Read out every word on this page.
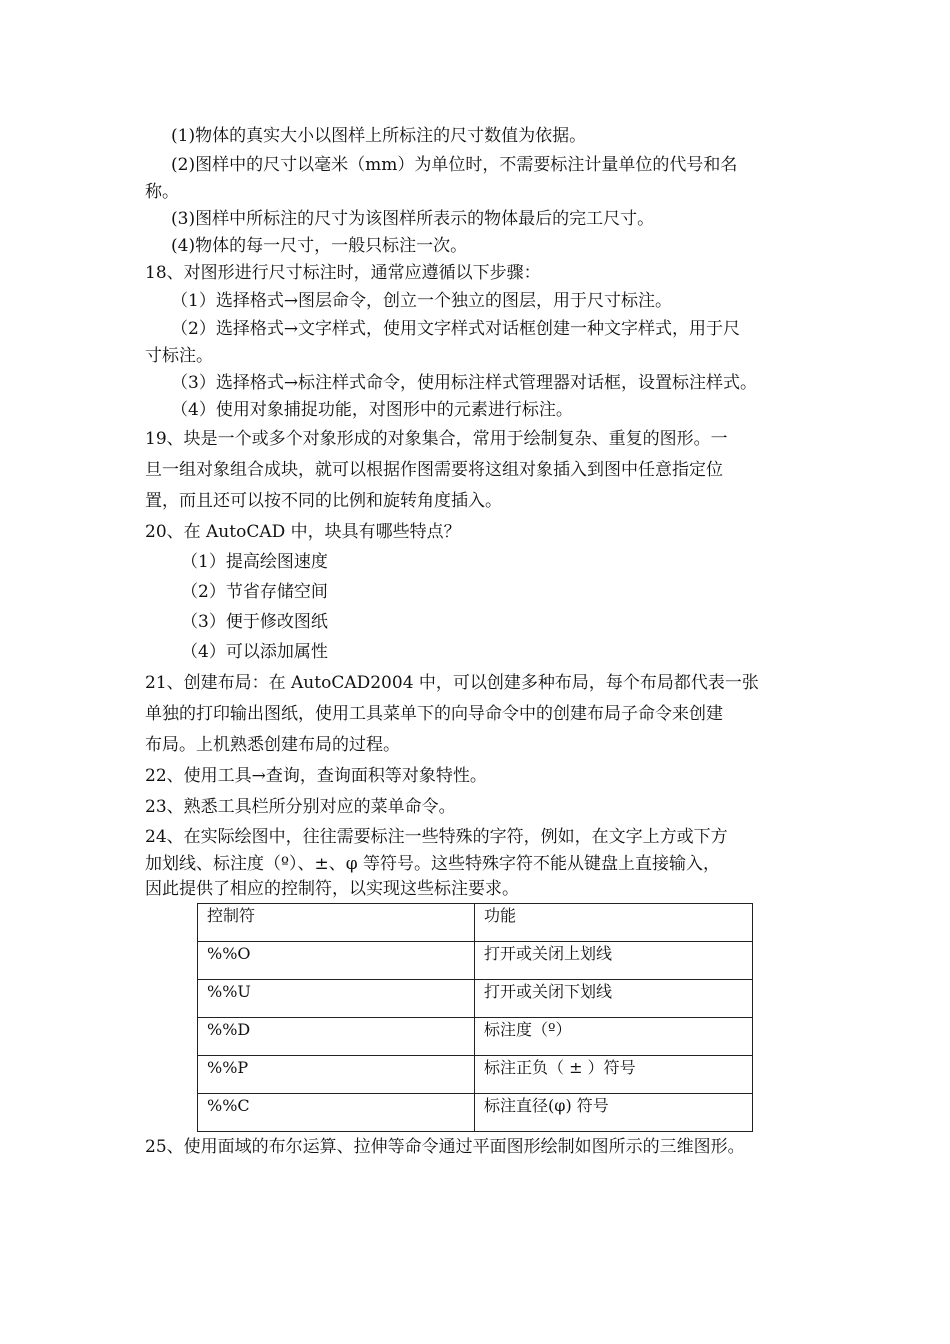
(1)物体的真实大小以图样上所标注的尺寸数值为依据。
(2)图样中的尺寸以毫米（mm）为单位时，不需要标注计量单位的代号和名
称。
(3)图样中所标注的尺寸为该图样所表示的物体最后的完工尺寸。
(4)物体的每一尺寸，一般只标注一次。
18、对图形进行尺寸标注时，通常应遵循以下步骤：
（1）选择格式→图层命令，创立一个独立的图层，用于尺寸标注。
（2）选择格式→文字样式，使用文字样式对话框创建一种文字样式，用于尺
寸标注。
（3）选择格式→标注样式命令，使用标注样式管理器对话框，设置标注样式。
（4）使用对象捕捉功能，对图形中的元素进行标注。
19、块是一个或多个对象形成的对象集合，常用于绘制复杂、重复的图形。一
旦一组对象组合成块，就可以根据作图需要将这组对象插入到图中任意指定位
置，而且还可以按不同的比例和旋转角度插入。
20、在 AutoCAD 中，块具有哪些特点？
（1）提高绘图速度
（2）节省存储空间
（3）便于修改图纸
（4）可以添加属性
21、创建布局：在 AutoCAD2004 中，可以创建多种布局，每个布局都代表一张
单独的打印输出图纸，使用工具菜单下的向导命令中的创建布局子命令来创建
布局。上机熟悉创建布局的过程。
22、使用工具→查询，查询面积等对象特性。
23、熟悉工具栏所分别对应的菜单命令。
24、在实际绘图中，往往需要标注一些特殊的字符，例如，在文字上方或下方
加划线、标注度（º）、±、φ 等符号。这些特殊字符不能从键盘上直接输入，
因此提供了相应的控制符，以实现这些标注要求。
控制符	功能
%%O	打开或关闭上划线
%%U	打开或关闭下划线
%%D	标注度（º）
%%P	标注正负（ ± ）符号
%%C	标注直径(φ) 符号
25、使用面域的布尔运算、拉伸等命令通过平面图形绘制如图所示的三维图形。
